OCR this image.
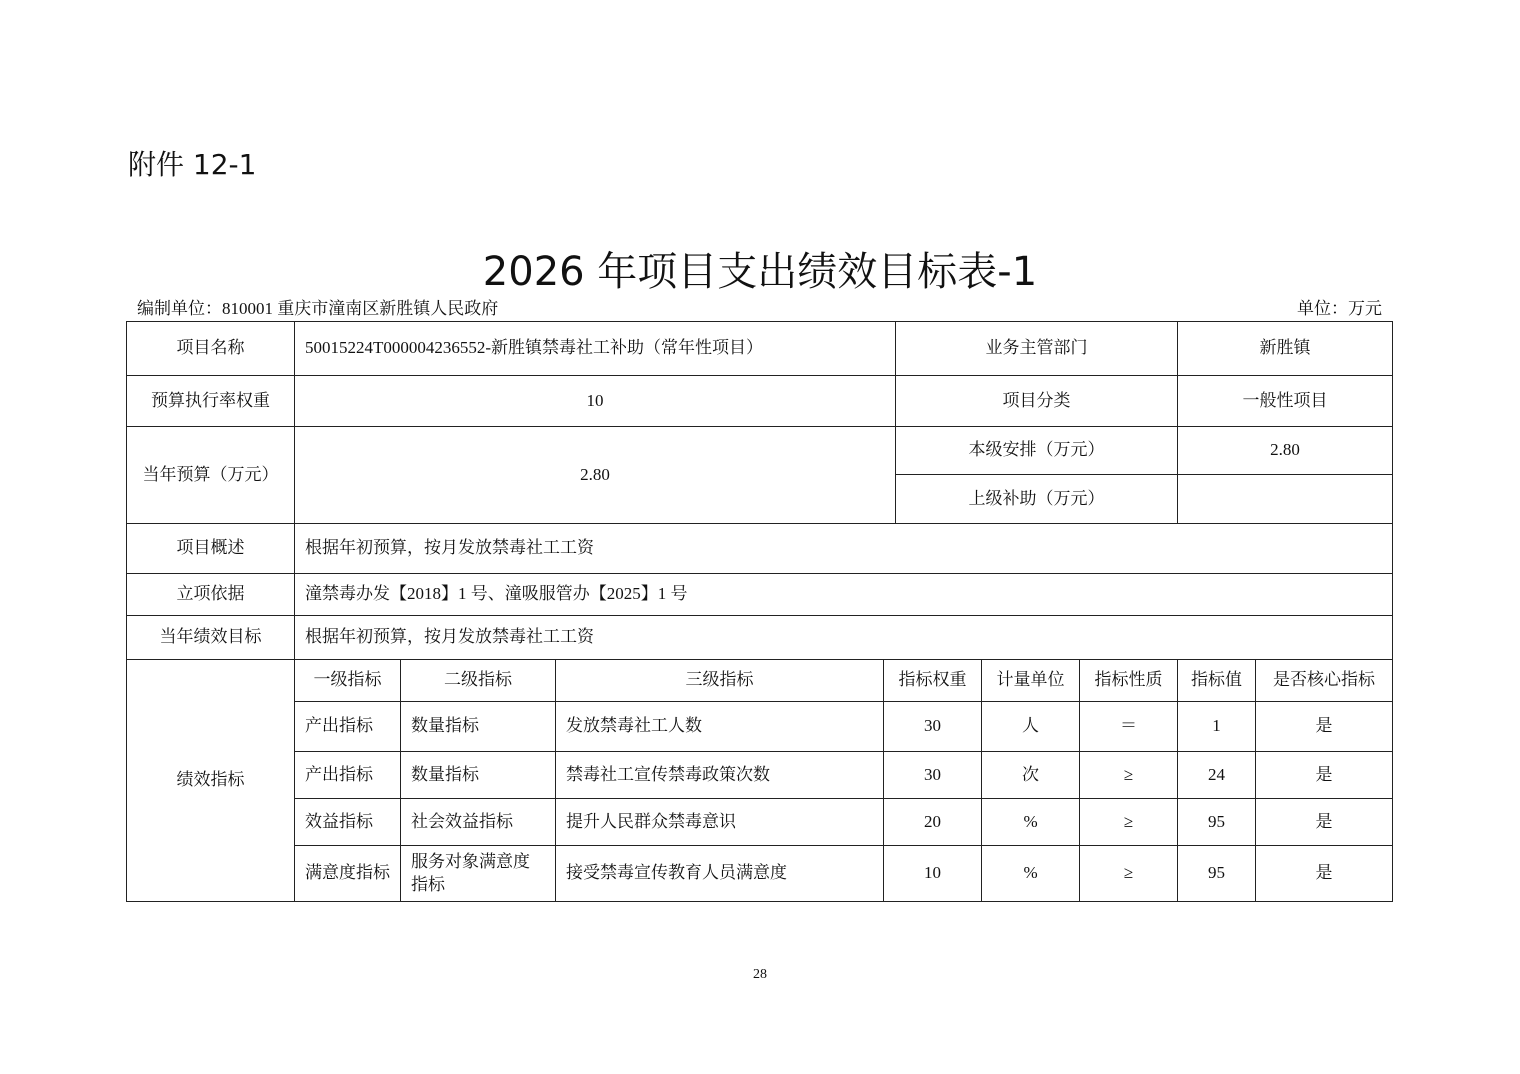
附件 12-1
2026 年项目支出绩效目标表-1
编制单位：810001 重庆市潼南区新胜镇人民政府	单位：万元
项目名称	50015224T000004236552-新胜镇禁毒社工补助（常年性项目）				业务主管部门			新胜镇	
预算执行率权重	10				项目分类			一般性项目	
当年预算（万元）	2.80				本级安排（万元）			2.80	
					上级补助（万元）				
项目概述	根据年初预算，按月发放禁毒社工工资								
立项依据	潼禁毒办发【2018】1 号、潼吸服管办【2025】1 号								
当年绩效目标	根据年初预算，按月发放禁毒社工工资								
绩效指标	一级指标	二级指标	三级指标	指标权重		计量单位	指标性质	指标值	是否核心指标
	产出指标	数量指标	发放禁毒社工人数	30		人	＝	1	是
	产出指标	数量指标	禁毒社工宣传禁毒政策次数	30		次	≥	24	是
	效益指标	社会效益指标	提升人民群众禁毒意识	20		%	≥	95	是
	满意度指标	服务对象满意度指标	接受禁毒宣传教育人员满意度	10		%	≥	95	是
28
